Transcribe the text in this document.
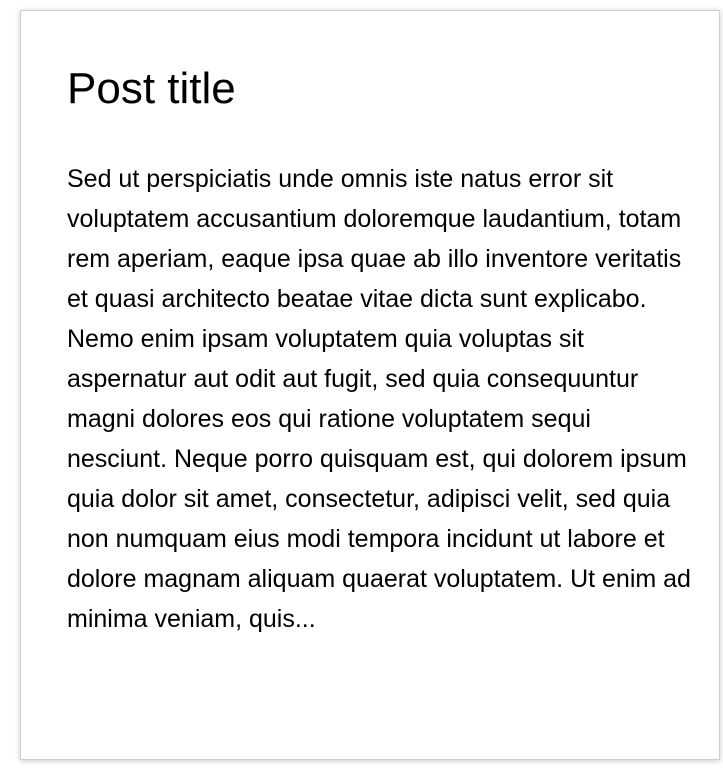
Post title

Sed ut perspiciatis unde omnis iste natus error sit voluptatem accusantium doloremque laudantium, totam rem aperiam, eaque ipsa quae ab illo inventore veritatis et quasi architecto beatae vitae dicta sunt explicabo. Nemo enim ipsam voluptatem quia voluptas sit aspernatur aut odit aut fugit, sed quia consequuntur magni dolores eos qui ratione voluptatem sequi nesciunt. Neque porro quisquam est, qui dolorem ipsum quia dolor sit amet, consectetur, adipisci velit, sed quia non numquam eius modi tempora incidunt ut labore et dolore magnam aliquam quaerat voluptatem. Ut enim ad minima veniam, quis...
